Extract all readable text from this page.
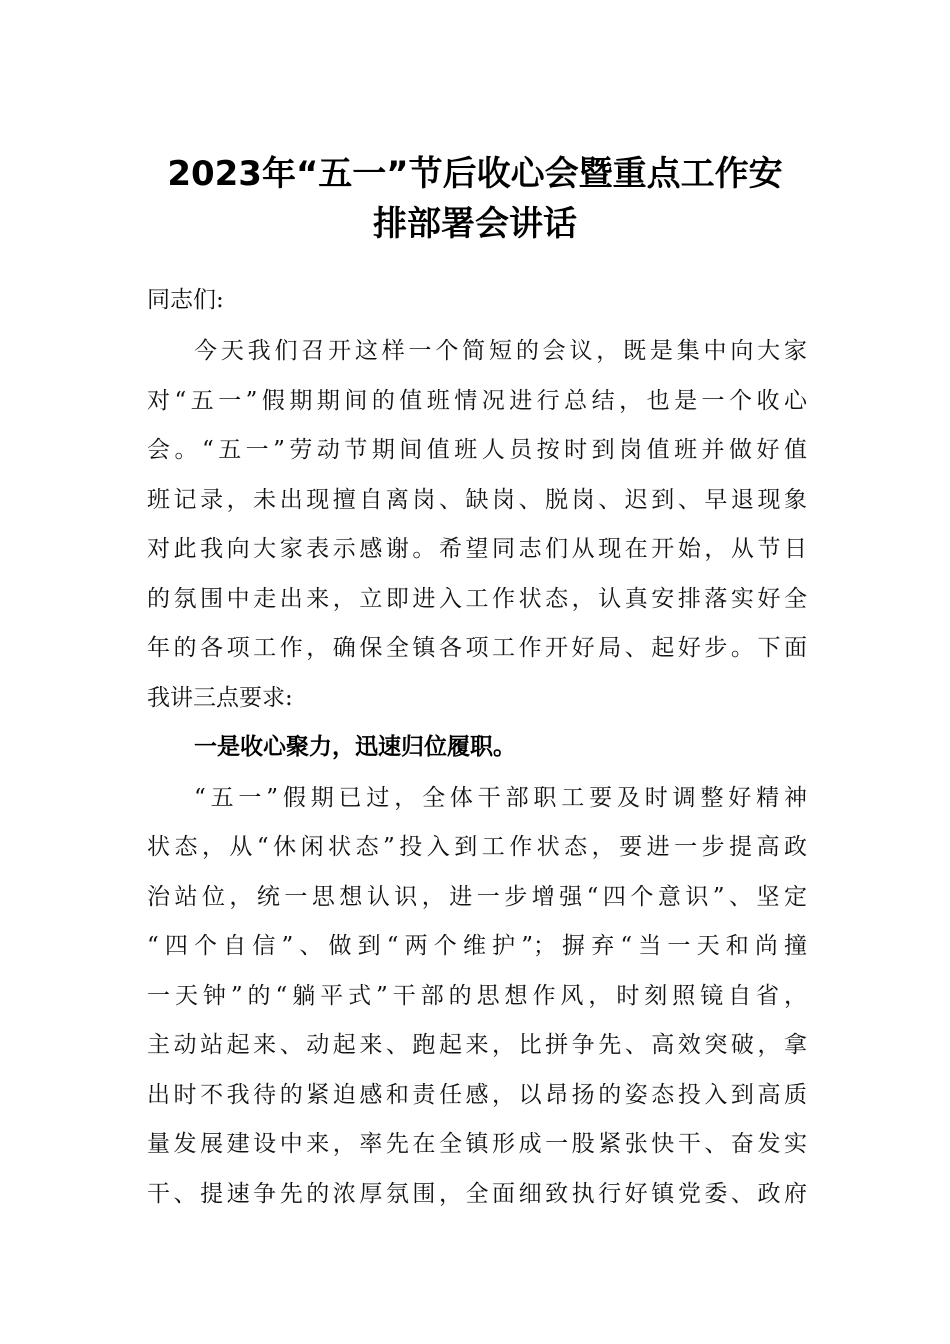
2023年“五一”节后收心会暨重点工作安
排部署会讲话
同志们:
今天我们召开这样一个简短的会议，既是集中向大家
对“五一”假期期间的值班情况进行总结，也是一个收心
会。“五一”劳动节期间值班人员按时到岗值班并做好值
班记录，未出现擅自离岗、缺岗、脱岗、迟到、早退现象
对此我向大家表示感谢。希望同志们从现在开始，从节日
的氛围中走出来，立即进入工作状态，认真安排落实好全
年的各项工作，确保全镇各项工作开好局、起好步。下面
我讲三点要求:
一是收心聚力，迅速归位履职。
“五一”假期已过，全体干部职工要及时调整好精神
状态，从“休闲状态”投入到工作状态，要进一步提高政
治站位，统一思想认识，进一步增强“四个意识”、坚定
“四个自信”、做到“两个维护”；摒弃“当一天和尚撞
一天钟”的“躺平式”干部的思想作风，时刻照镜自省，
主动站起来、动起来、跑起来，比拼争先、高效突破，拿
出时不我待的紧迫感和责任感，以昂扬的姿态投入到高质
量发展建设中来，率先在全镇形成一股紧张快干、奋发实
干、提速争先的浓厚氛围，全面细致执行好镇党委、政府
